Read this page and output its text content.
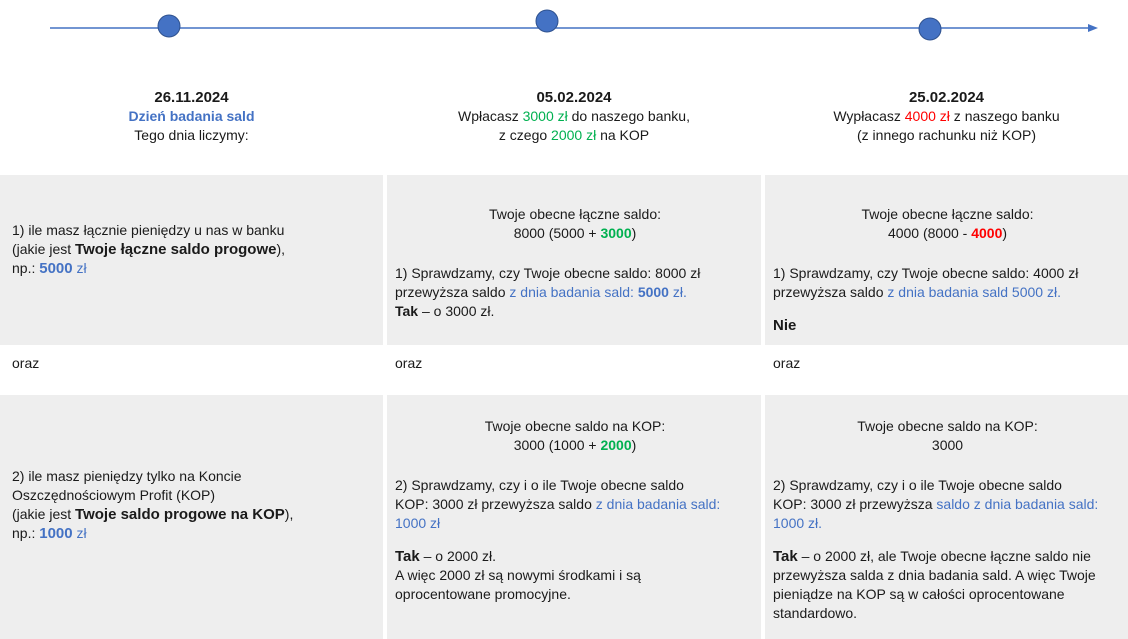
26.11.2024
Dzień badania sald
Tego dnia liczymy:
05.02.2024
Wpłacasz 3000 zł do naszego banku,
z czego 2000 zł na KOP
25.02.2024
Wypłacasz 4000 zł z naszego banku
(z innego rachunku niż KOP)

1) ile masz łącznie pieniędzy u nas w banku

(jakie jest Twoje łączne saldo progowe),

np.: 5000 zł

Twoje obecne łączne saldo:

8000 (5000 + 3000)

1) Sprawdzamy, czy Twoje obecne saldo: 8000 zł

przewyższa saldo z dnia badania sald: 5000 zł.

Tak – o 3000 zł.

Twoje obecne łączne saldo:

4000 (8000 - 4000)

1) Sprawdzamy, czy Twoje obecne saldo: 4000 zł

przewyższa saldo z dnia badania sald 5000 zł.

Nie

oraz	oraz	oraz

2) ile masz pieniędzy tylko na Koncie

Oszczędnościowym Profit (KOP)

(jakie jest Twoje saldo progowe na KOP),

np.: 1000 zł

Twoje obecne saldo na KOP:

3000 (1000 + 2000)

2) Sprawdzamy, czy i o ile Twoje obecne saldo

KOP: 3000 zł przewyższa saldo z dnia badania sald:

1000 zł

Tak – o 2000 zł.

A więc 2000 zł są nowymi środkami i są

oprocentowane promocyjne.

Twoje obecne saldo na KOP:

3000

2) Sprawdzamy, czy i o ile Twoje obecne saldo

KOP: 3000 zł przewyższa saldo z dnia badania sald:

1000 zł.

Tak – o 2000 zł, ale Twoje obecne łączne saldo nie

przewyższa salda z dnia badania sald. A więc Twoje

pieniądze na KOP są w całości oprocentowane

standardowo.
